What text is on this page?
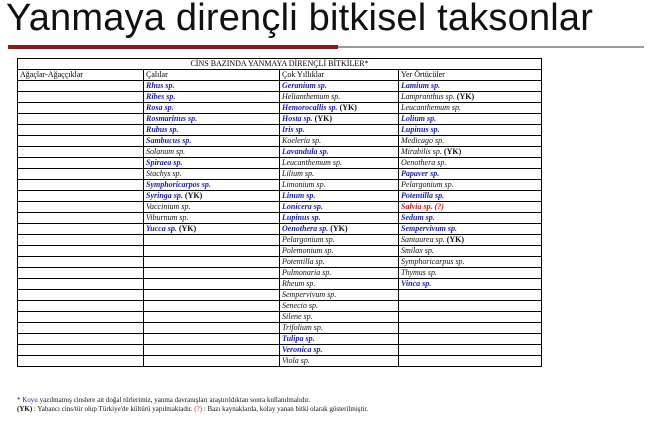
Yanmaya dirençli bitkisel taksonlar
CİNS BAZINDA YANMAYA DİRENÇLİ BİTKİLER*			
Ağaçlar-Ağaççıklar	Çalılar	Çok Yıllıklar	Yer Örtücüler
	Rhus sp.	Geranium sp.	Lamium sp.
	Ribes sp.	Helianthemum sp.	Lampranthus sp. (YK)
	Rosa sp.	Hemorocallis sp. (YK)	Leucanthemum sp.
	Rosmarinus sp.	Hosta sp. (YK)	Lolium sp.
	Rubus sp.	Iris sp.	Lupinus sp.
	Sambucus sp.	Koeleria sp.	Medicago sp.
	Solanum sp.	Lavandula sp.	Mirabilis sp. (YK)
	Spiraea sp.	Leucanthemum sp.	Oenothera sp.
	Stachys sp.	Lilium sp.	Papaver sp.
	Symphoricarpos sp.	Limonium sp.	Pelargonium sp.
	Syringa sp. (YK)	Linum sp.	Potentilla sp.
	Vaccinium sp.	Lonicera sp.	Salvia sp. (?)
	Viburnum sp.	Lupinus sp.	Sedum sp.
	Yucca sp. (YK)	Oenothera sp. (YK)	Sempervivum sp.
		Pelargonium sp.	Santaurea sp. (YK)
		Polemonium sp.	Smilax sp.
		Potentilla sp.	Symphoricarpus sp.
		Pulmonaria sp.	Thymus sp.
		Rheum sp.	Vinca sp.
		Sempervivum sp.	
		Senecio sp.	
		Silene sp.	
		Trifolium sp.	
		Tulipa sp.	
		Veronica sp.	
		Viola sp.	
* Koyu yazılmamış cinslere ait doğal türlerimiz, yanma davranışları araştırıldıktan sonra kullanılmalıdır.
(YK) : Yabancı cins/tür olup Türkiye'de kültürü yapılmaktadır. (?) : Bazı kaynaklarda, kolay yanan bitki olarak gösterilmiştir.
